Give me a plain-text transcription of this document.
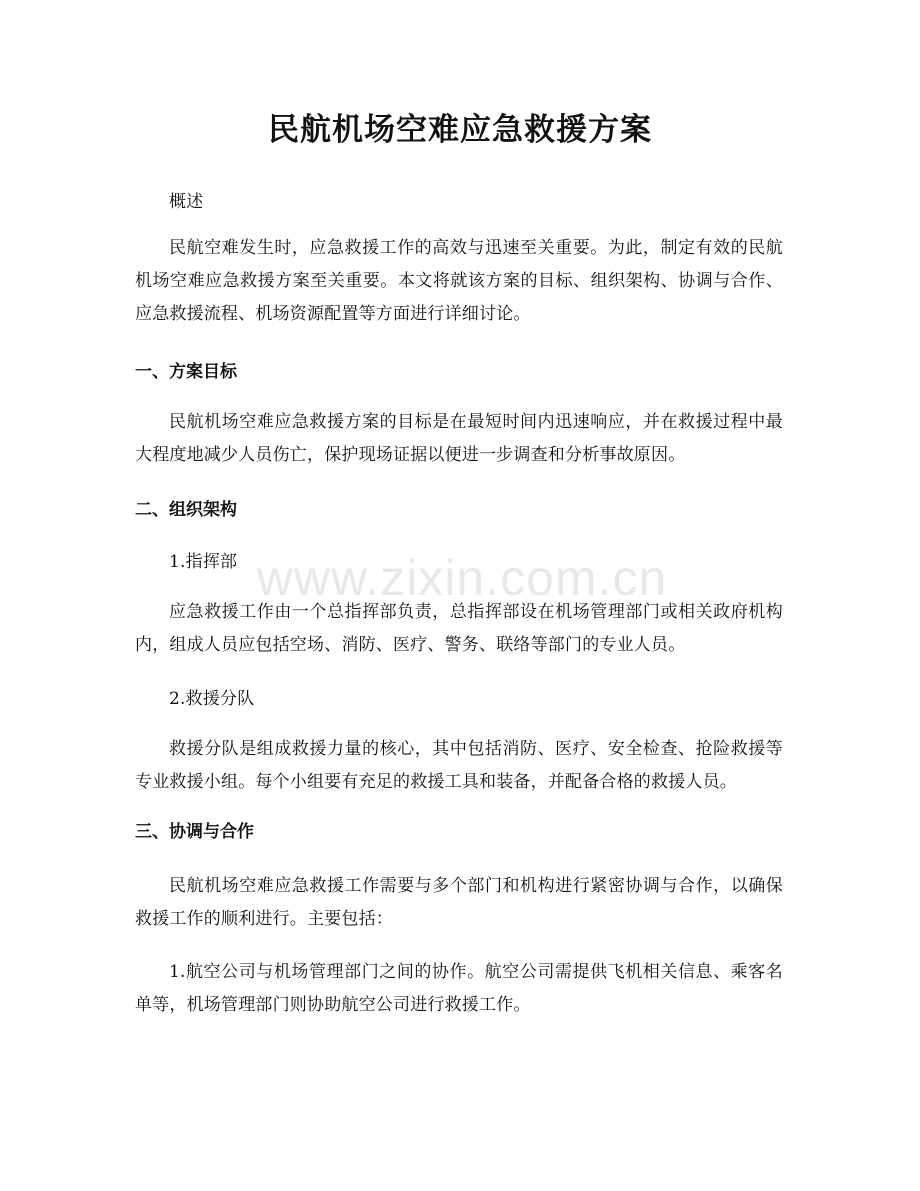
民航机场空难应急救援方案
概述
民航空难发生时，应急救援工作的高效与迅速至关重要。为此，制定有效的民航机场空难应急救援方案至关重要。本文将就该方案的目标、组织架构、协调与合作、应急救援流程、机场资源配置等方面进行详细讨论。
一、方案目标
民航机场空难应急救援方案的目标是在最短时间内迅速响应，并在救援过程中最大程度地减少人员伤亡，保护现场证据以便进一步调查和分析事故原因。
二、组织架构
1.指挥部
应急救援工作由一个总指挥部负责，总指挥部设在机场管理部门或相关政府机构内，组成人员应包括空场、消防、医疗、警务、联络等部门的专业人员。
2.救援分队
救援分队是组成救援力量的核心，其中包括消防、医疗、安全检查、抢险救援等专业救援小组。每个小组要有充足的救援工具和装备，并配备合格的救援人员。
三、协调与合作
民航机场空难应急救援工作需要与多个部门和机构进行紧密协调与合作，以确保救援工作的顺利进行。主要包括：
1.航空公司与机场管理部门之间的协作。航空公司需提供飞机相关信息、乘客名单等，机场管理部门则协助航空公司进行救援工作。
www.zixin.com.cn
